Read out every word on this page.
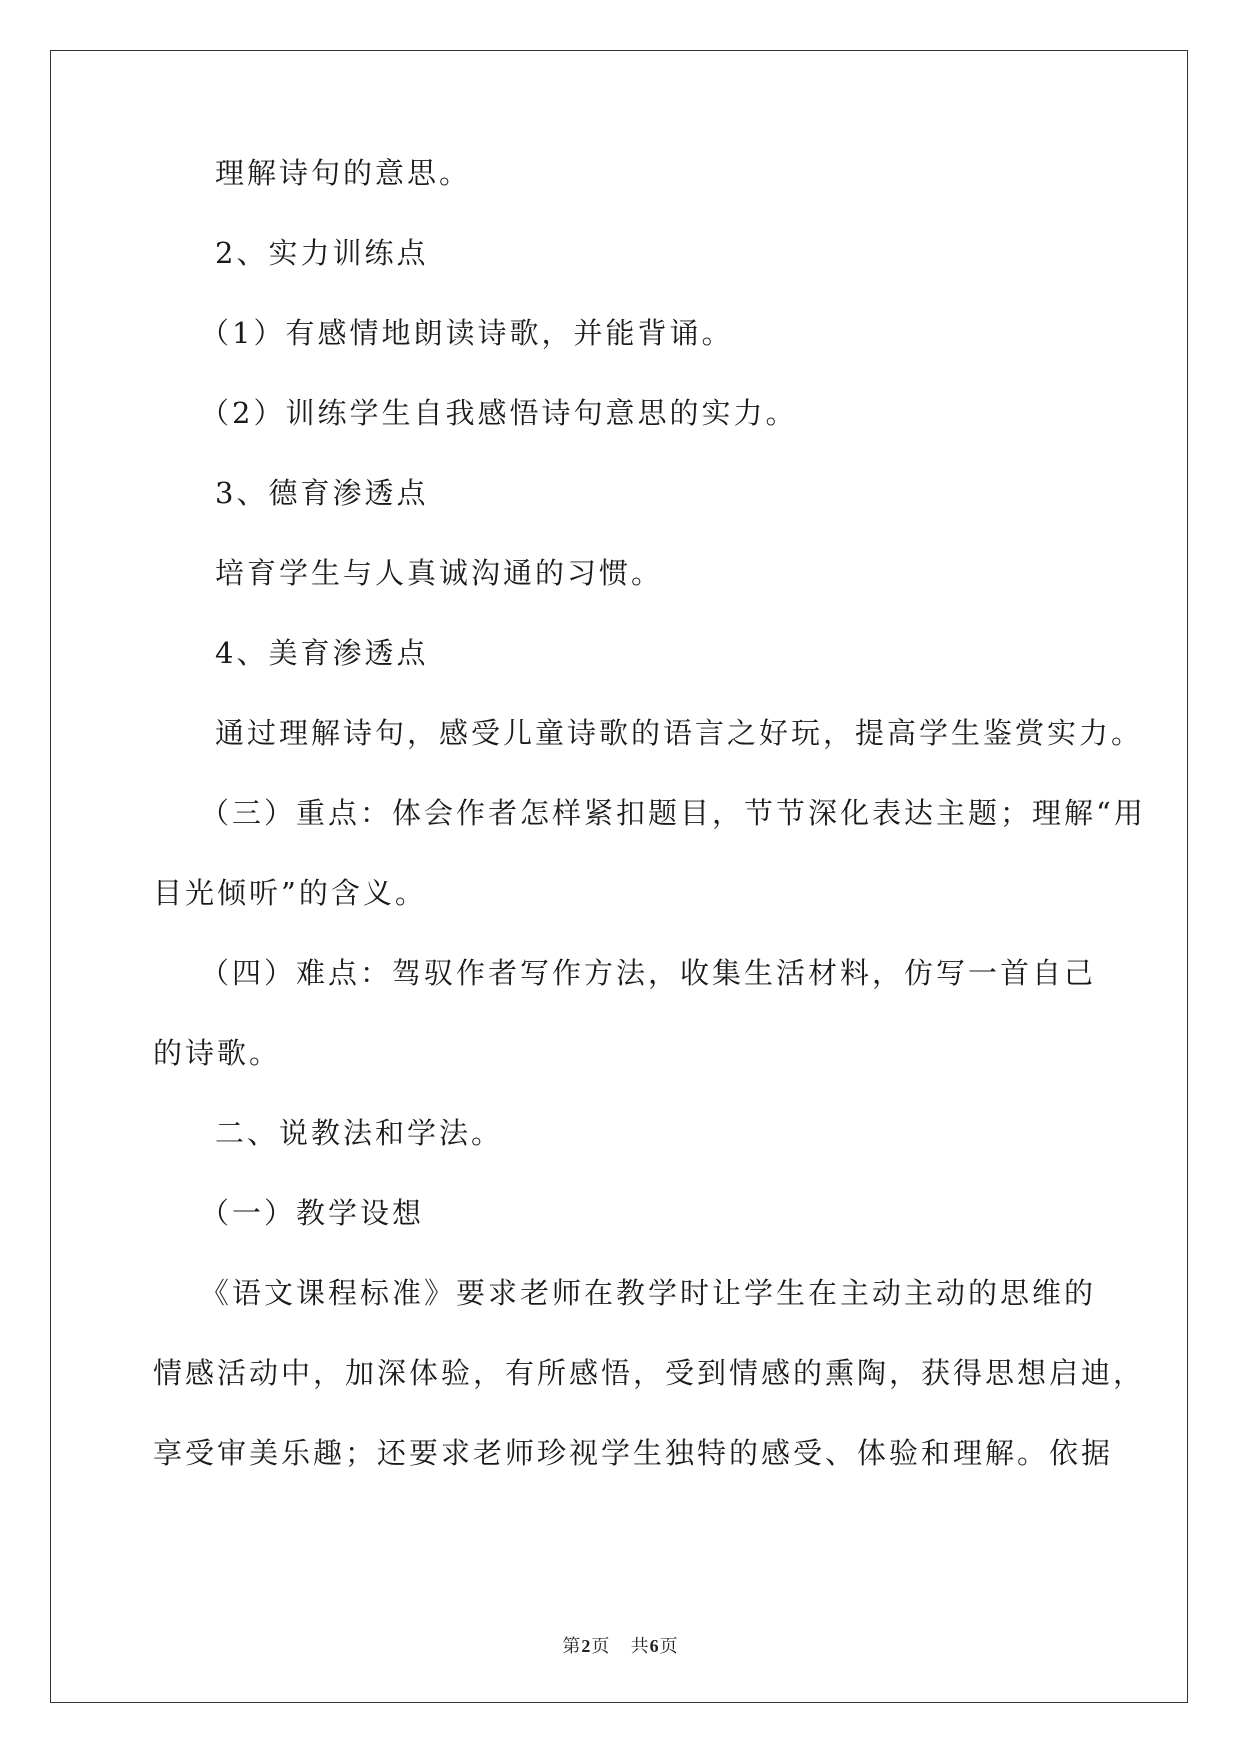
理解诗句的意思。
2、实力训练点
（1）有感情地朗读诗歌，并能背诵。
（2）训练学生自我感悟诗句意思的实力。
3、德育渗透点
培育学生与人真诚沟通的习惯。
4、美育渗透点
通过理解诗句，感受儿童诗歌的语言之好玩，提高学生鉴赏实力。
（三）重点：体会作者怎样紧扣题目，节节深化表达主题；理解“用
目光倾听”的含义。
（四）难点：驾驭作者写作方法，收集生活材料，仿写一首自己
的诗歌。
二、说教法和学法。
（一）教学设想
《语文课程标准》要求老师在教学时让学生在主动主动的思维的
情感活动中，加深体验，有所感悟，受到情感的熏陶，获得思想启迪，
享受审美乐趣；还要求老师珍视学生独特的感受、体验和理解。依据
第2页 共6页
